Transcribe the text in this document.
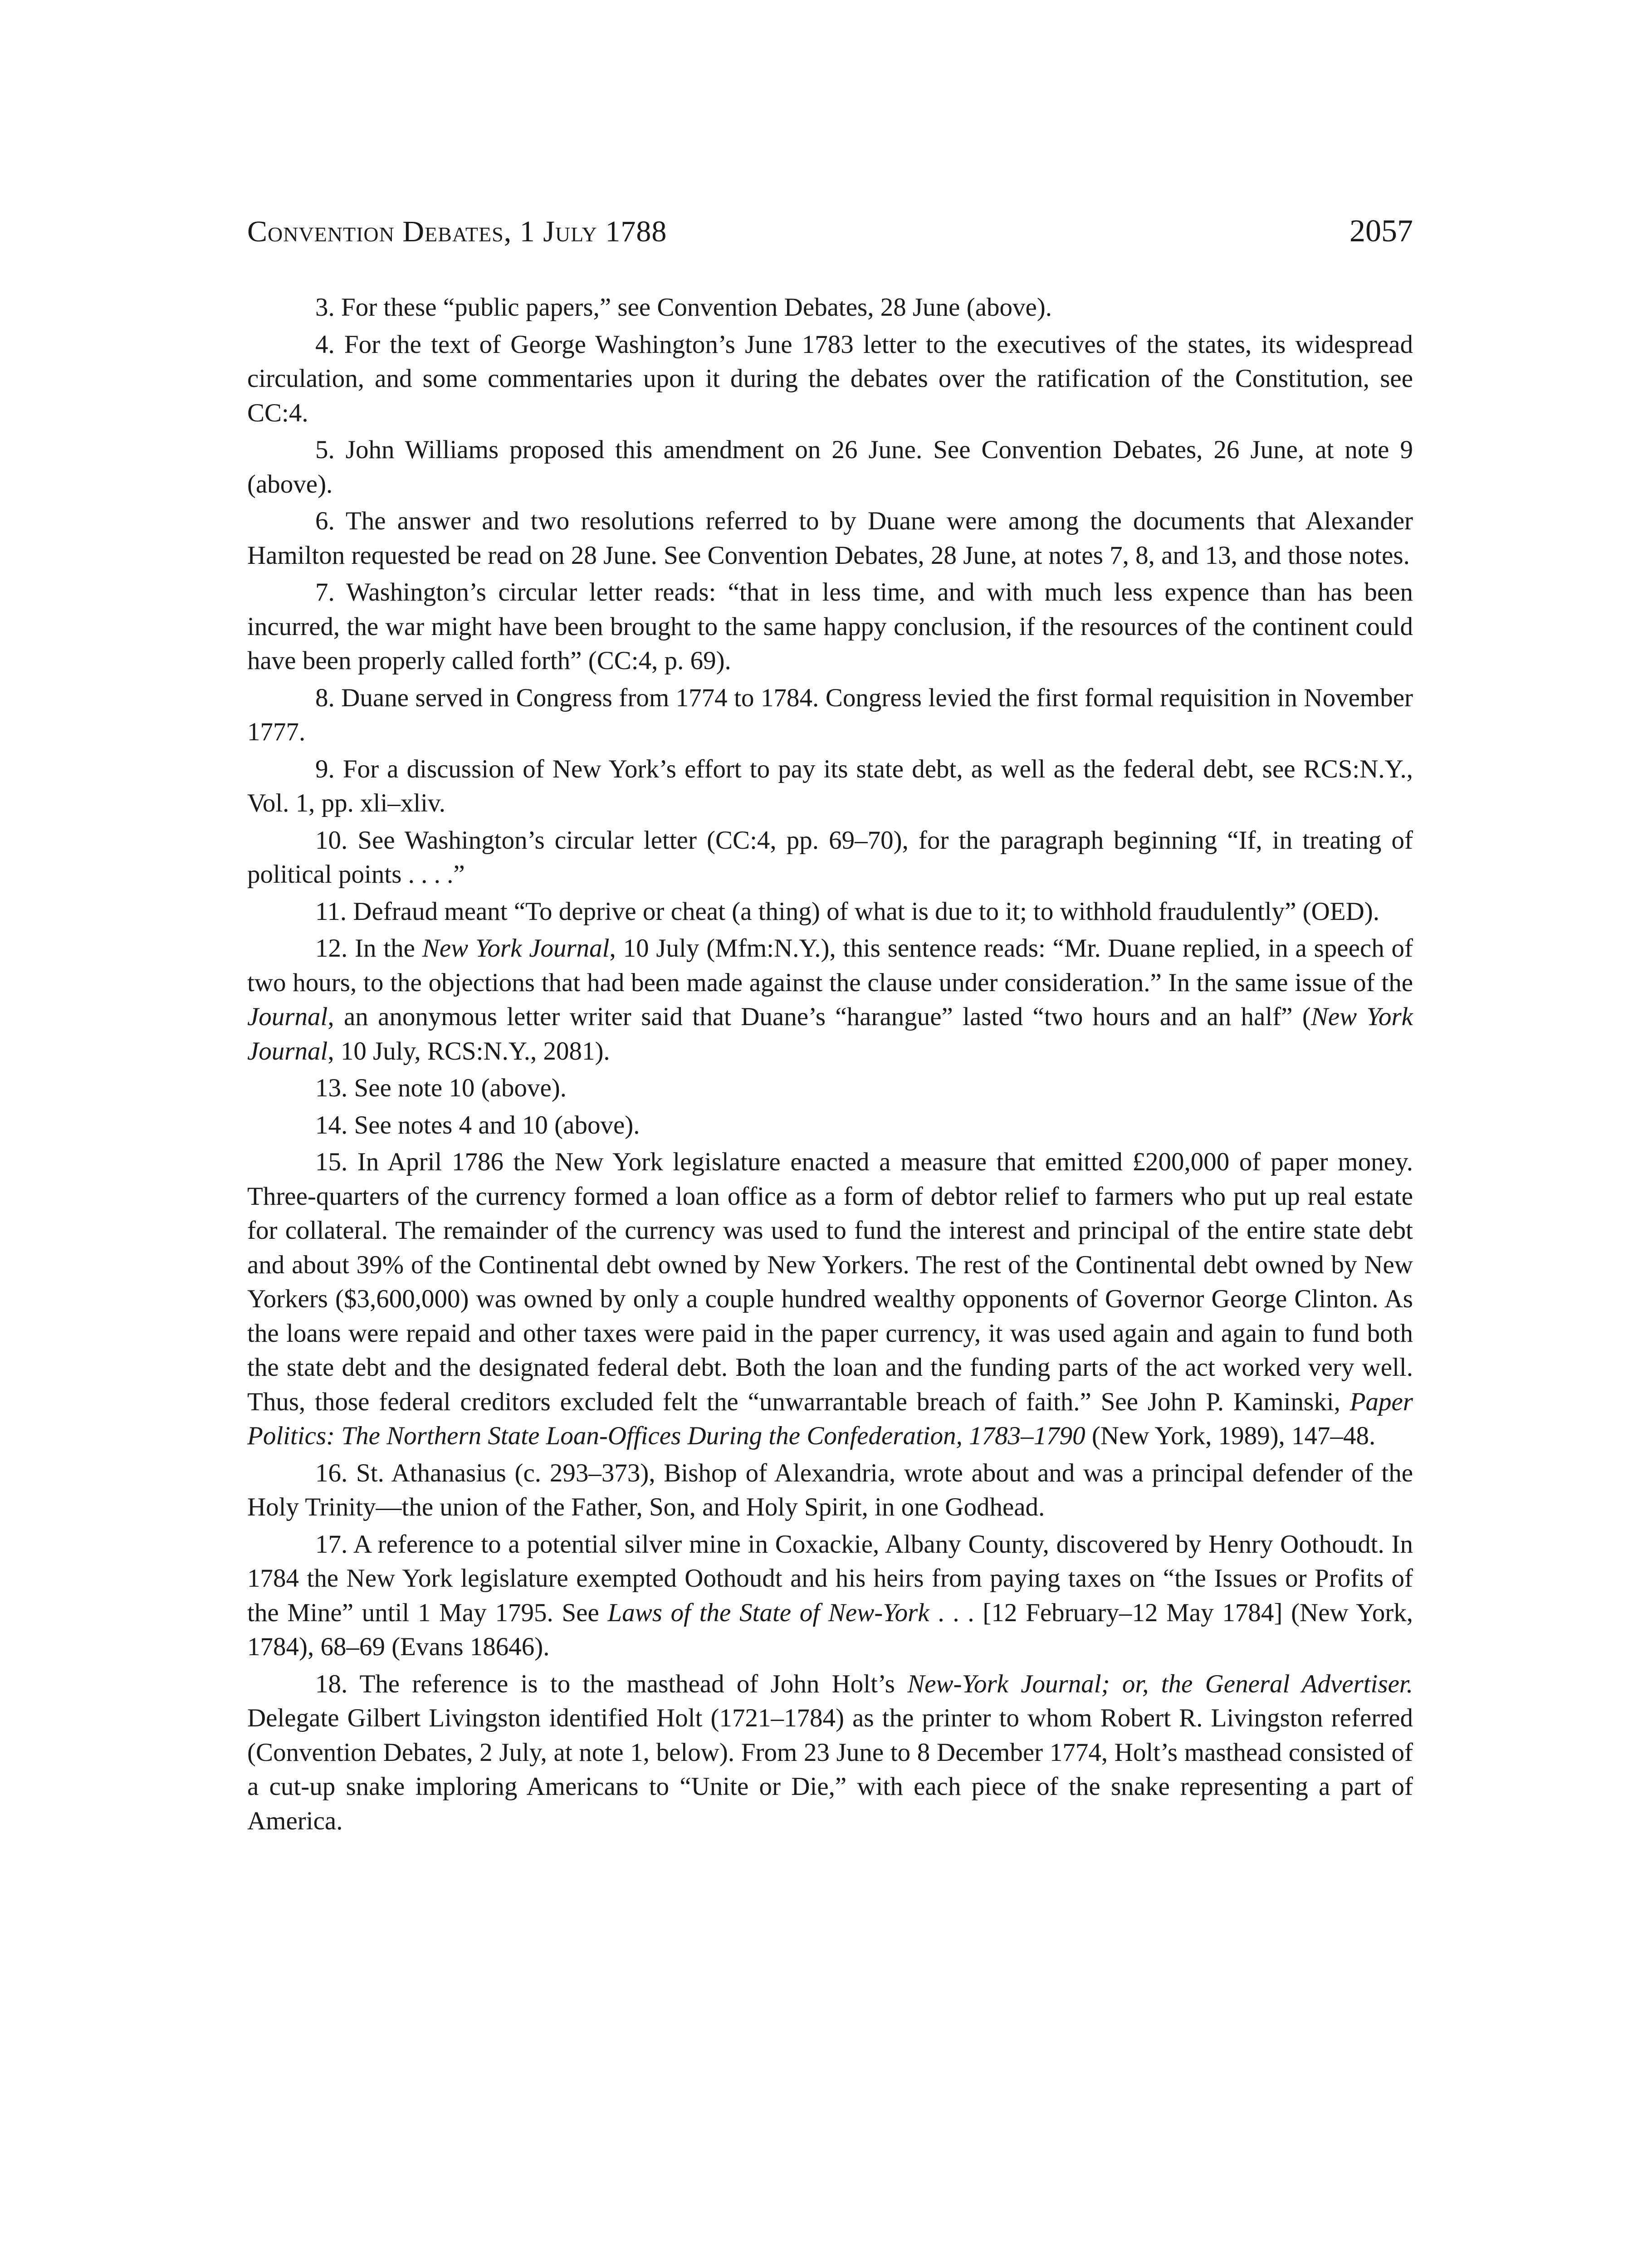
Convention Debates, 1 July 1788	2057

3. For these “public papers,” see Convention Debates, 28 June (above).

4. For the text of George Washington’s June 1783 letter to the executives of the states, its widespread circulation, and some commentaries upon it during the debates over the ratification of the Constitution, see CC:4.

5. John Williams proposed this amendment on 26 June. See Convention Debates, 26 June, at note 9 (above).

6. The answer and two resolutions referred to by Duane were among the documents that Alexander Hamilton requested be read on 28 June. See Convention Debates, 28 June, at notes 7, 8, and 13, and those notes.

7. Washington’s circular letter reads: “that in less time, and with much less expence than has been incurred, the war might have been brought to the same happy conclusion, if the resources of the continent could have been properly called forth” (CC:4, p. 69).

8. Duane served in Congress from 1774 to 1784. Congress levied the first formal requisition in November 1777.

9. For a discussion of New York’s effort to pay its state debt, as well as the federal debt, see RCS:N.Y., Vol. 1, pp. xli–xliv.

10. See Washington’s circular letter (CC:4, pp. 69–70), for the paragraph beginning “If, in treating of political points . . . .”

11. Defraud meant “To deprive or cheat (a thing) of what is due to it; to withhold fraudulently” (OED).

12. In the New York Journal, 10 July (Mfm:N.Y.), this sentence reads: “Mr. Duane replied, in a speech of two hours, to the objections that had been made against the clause under consideration.” In the same issue of the Journal, an anonymous letter writer said that Duane’s “harangue” lasted “two hours and an half” (New York Journal, 10 July, RCS:N.Y., 2081).

13. See note 10 (above).

14. See notes 4 and 10 (above).

15. In April 1786 the New York legislature enacted a measure that emitted £200,000 of paper money. Three-quarters of the currency formed a loan office as a form of debtor relief to farmers who put up real estate for collateral. The remainder of the currency was used to fund the interest and principal of the entire state debt and about 39% of the Continental debt owned by New Yorkers. The rest of the Continental debt owned by New Yorkers ($3,600,000) was owned by only a couple hundred wealthy opponents of Governor George Clinton. As the loans were repaid and other taxes were paid in the paper currency, it was used again and again to fund both the state debt and the designated federal debt. Both the loan and the funding parts of the act worked very well. Thus, those federal creditors excluded felt the “unwarrantable breach of faith.” See John P. Kaminski, Paper Politics: The Northern State Loan-Offices During the Confederation, 1783–1790 (New York, 1989), 147–48.

16. St. Athanasius (c. 293–373), Bishop of Alexandria, wrote about and was a principal defender of the Holy Trinity—the union of the Father, Son, and Holy Spirit, in one Godhead.

17. A reference to a potential silver mine in Coxackie, Albany County, discovered by Henry Oothoudt. In 1784 the New York legislature exempted Oothoudt and his heirs from paying taxes on “the Issues or Profits of the Mine” until 1 May 1795. See Laws of the State of New-York . . . [12 February–12 May 1784] (New York, 1784), 68–69 (Evans 18646).

18. The reference is to the masthead of John Holt’s New-York Journal; or, the General Advertiser. Delegate Gilbert Livingston identified Holt (1721–1784) as the printer to whom Robert R. Livingston referred (Convention Debates, 2 July, at note 1, below). From 23 June to 8 December 1774, Holt’s masthead consisted of a cut-up snake imploring Americans to “Unite or Die,” with each piece of the snake representing a part of America.
